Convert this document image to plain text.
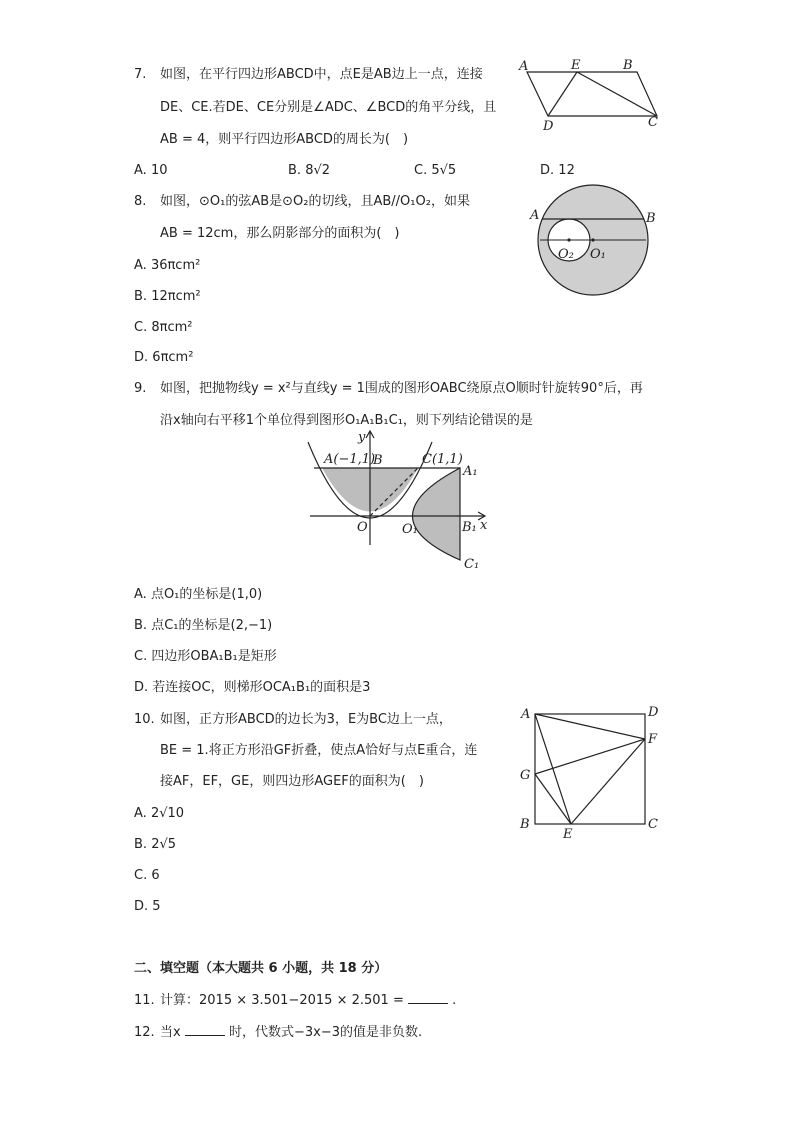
7. 如图，在平行四边形ABCD中，点E是AB边上一点，连接
DE、CE.若DE、CE分别是∠ADC、∠BCD的角平分线，且
AB = 4，则平行四边形ABCD的周长为(　)
A. 10	B. 8√2	C. 5√5	D. 12
A	E	B
D	C
8. 如图，⊙O₁的弦AB是⊙O₂的切线，且AB//O₁O₂，如果
AB = 12cm，那么阴影部分的面积为(　)
A. 36πcm²
B. 12πcm²
C. 8πcm²
D. 6πcm²
A	B
O₂ O₁
9. 如图，把抛物线y = x²与直线y = 1围成的图形OABC绕原点O顺时针旋转90°后，再
沿x轴向右平移1个单位得到图形O₁A₁B₁C₁，则下列结论错误的是
y
A(−1,1)
B	C(1,1)
A₁
O	O₁	B₁ x
C₁
A. 点O₁的坐标是(1,0)
B. 点C₁的坐标是(2,−1)
C. 四边形OBA₁B₁是矩形
D. 若连接OC，则梯形OCA₁B₁的面积是3
10. 如图，正方形ABCD的边长为3，E为BC边上一点，
BE = 1.将正方形沿GF折叠，使点A恰好与点E重合，连
接AF，EF，GE，则四边形AGEF的面积为(　)
A. 2√10
B. 2√5
C. 6
D. 5
A	D
F
G
B
E
C
二、填空题（本大题共 6 小题，共 18 分）
11. 计算：2015 × 3.501−2015 × 2.501 =	.
12. 当x	时，代数式−3x−3的值是非负数.
